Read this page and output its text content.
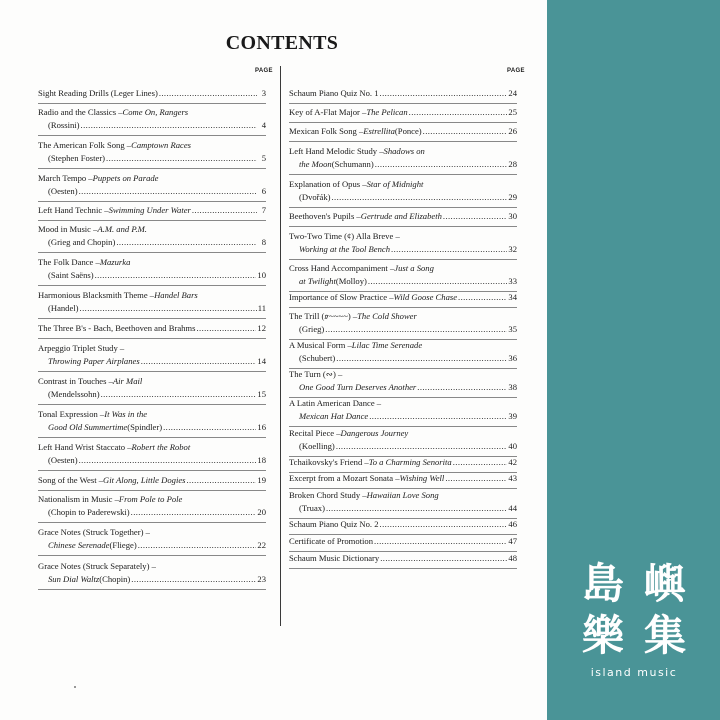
CONTENTS
PAGE	PAGE
Sight Reading Drills (Leger Lines) .....	3
Radio and the Classics – Come On, Rangers
(Rossini) .....	4
The American Folk Song – Camptown Races
(Stephen Foster) .....	5
March Tempo – Puppets on Parade
(Oesten) .....	6
Left Hand Technic – Swimming Under Water .....	7
Mood in Music – A.M. and P.M.
(Grieg and Chopin) .....	8
The Folk Dance – Mazurka
(Saint Saëns) .....	10
Harmonious Blacksmith Theme – Handel Bars
(Handel) .....	11
The Three B's - Bach, Beethoven and Brahms .....	12
Arpeggio Triplet Study –
Throwing Paper Airplanes .....	14
Contrast in Touches – Air Mail
(Mendelssohn) .....	15
Tonal Expression – It Was in the
Good Old Summertime (Spindler) .....	16
Left Hand Wrist Staccato – Robert the Robot
(Oesten) .....	18
Song of the West – Git Along, Little Dogies .....	19
Nationalism in Music – From Pole to Pole
(Chopin to Paderewski) .....	20
Grace Notes (Struck Together) –
Chinese Serenade (Fliege) .....	22
Grace Notes (Struck Separately) –
Sun Dial Waltz (Chopin) .....	23
Schaum Piano Quiz No. 1 .....	24
Key of A-Flat Major – The Pelican .....	25
Mexican Folk Song – Estrellita (Ponce) .....	26
Left Hand Melodic Study – Shadows on
the Moon (Schumann) .....	28
Explanation of Opus – Star of Midnight
(Dvořák) .....	29
Beethoven's Pupils – Gertrude and Elizabeth .....	30
Two-Two Time (¢) Alla Breve –
Working at the Tool Bench .....	32
Cross Hand Accompaniment – Just a Song
at Twilight (Molloy) .....	33
Importance of Slow Practice – Wild Goose Chase .....	34
The Trill (𝆖~~~~) – The Cold Shower
(Grieg) .....	35
A Musical Form – Lilac Time Serenade
(Schubert) .....	36
The Turn (∾) –
One Good Turn Deserves Another .....	38
A Latin American Dance –
Mexican Hat Dance .....	39
Recital Piece – Dangerous Journey
(Koelling) .....	40
Tchaikovsky's Friend – To a Charming Senorita .....	42
Excerpt from a Mozart Sonata – Wishing Well .....	43
Broken Chord Study – Hawaiian Love Song
(Truax) .....	44
Schaum Piano Quiz No. 2 .....	46
Certificate of Promotion .....	47
Schaum Music Dictionary .....	48
島 嶼
樂 集
island music
